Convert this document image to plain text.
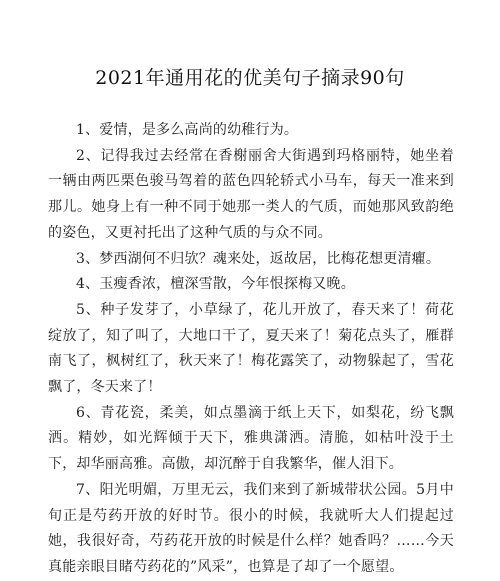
2021年通用花的优美句子摘录90句

1、爱情，是多么高尚的幼稚行为。

2、记得我过去经常在香榭丽舍大街遇到玛格丽特，她坐着一辆由两匹栗色骏马驾着的蓝色四轮轿式小马车，每天一准来到那儿。她身上有一种不同于她那一类人的气质，而她那风致韵绝的姿色，又更衬托出了这种气质的与众不同。

3、梦西湖何不归欤？魂来处，返故居，比梅花想更清癯。

4、玉瘦香浓，檀深雪散，今年恨探梅又晚。

5、种子发芽了，小草绿了，花儿开放了，春天来了！荷花绽放了，知了叫了，大地口干了，夏天来了！菊花点头了，雁群南飞了，枫树红了，秋天来了！梅花露笑了，动物躲起了，雪花飘了，冬天来了！

6、青花瓷，柔美，如点墨滴于纸上天下，如梨花，纷飞飘洒。精妙，如光辉倾于天下，雅典潇洒。清脆，如枯叶没于土下，却华丽高雅。高傲，却沉醉于自我繁华，催人泪下。

7、阳光明媚，万里无云，我们来到了新城带状公园。5月中旬正是芍药开放的好时节。很小的时候，我就听大人们提起过她，我很好奇，芍药花开放的时候是什么样？她香吗？……今天真能亲眼目睹芍药花的”风采”，也算是了却了一个愿望。
